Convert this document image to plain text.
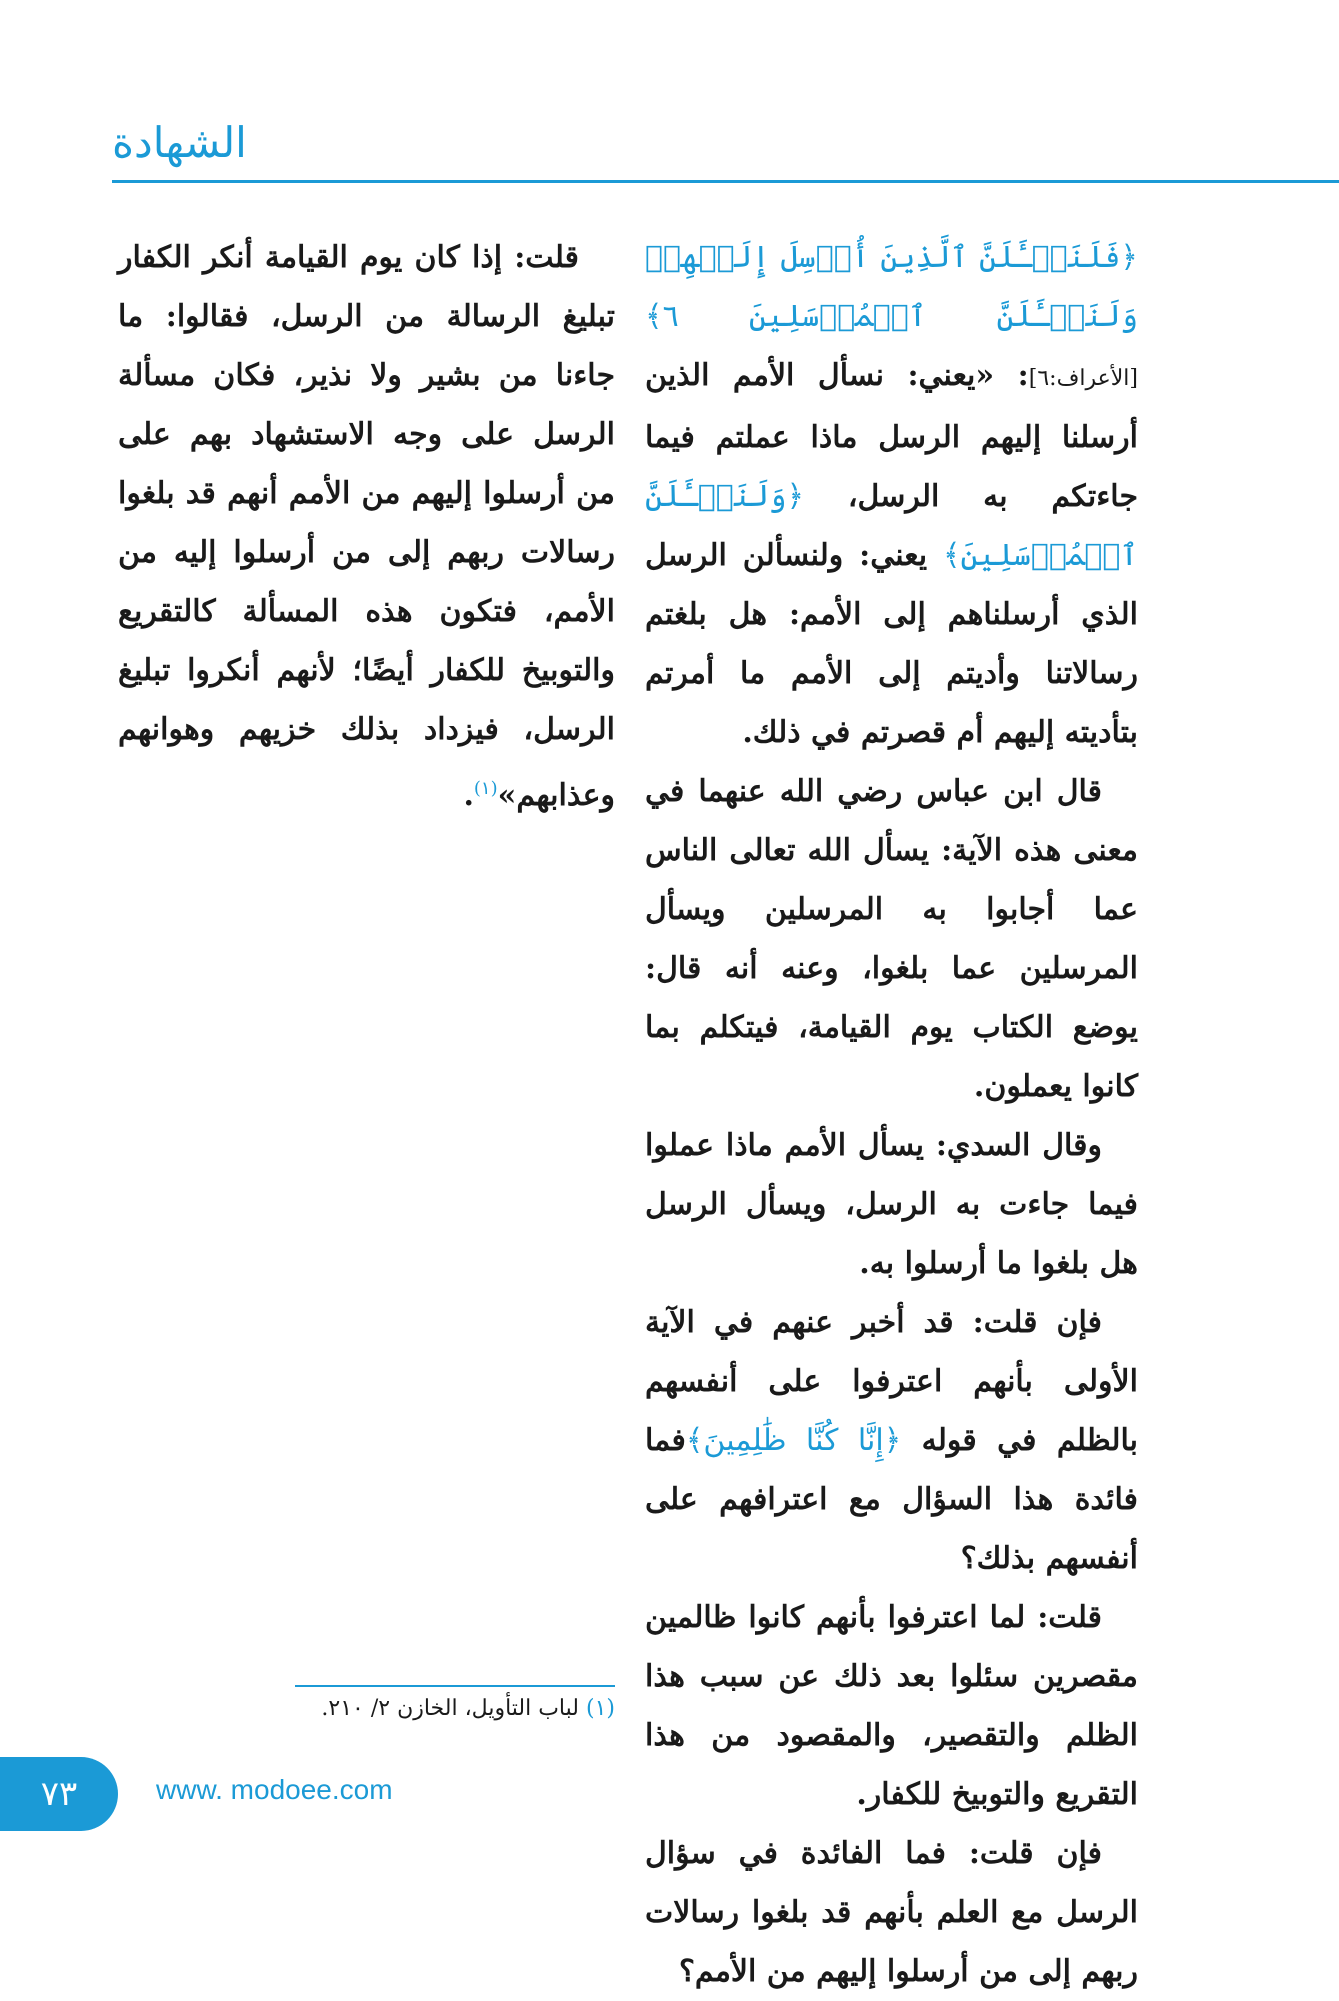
الشهادة

﴿فَلَنَسۡـَٔلَنَّ ٱلَّذِينَ أُرۡسِلَ إِلَيۡهِمۡ وَلَنَسۡـَٔلَنَّ ٱلۡمُرۡسَلِينَ ٦﴾ [الأعراف:٦]: «يعني: نسأل الأمم الذين أرسلنا إليهم الرسل ماذا عملتم فيما جاءتكم به الرسل، ﴿وَلَنَسۡـَٔلَنَّ ٱلۡمُرۡسَلِينَ﴾ يعني: ولنسألن الرسل الذي أرسلناهم إلى الأمم: هل بلغتم رسالاتنا وأديتم إلى الأمم ما أمرتم بتأديته إليهم أم قصرتم في ذلك.

قال ابن عباس رضي الله عنهما في معنى هذه الآية: يسأل الله تعالى الناس عما أجابوا به المرسلين ويسأل المرسلين عما بلغوا، وعنه أنه قال: يوضع الكتاب يوم القيامة، فيتكلم بما كانوا يعملون.

وقال السدي: يسأل الأمم ماذا عملوا فيما جاءت به الرسل، ويسأل الرسل هل بلغوا ما أرسلوا به.

فإن قلت: قد أخبر عنهم في الآية الأولى بأنهم اعترفوا على أنفسهم بالظلم في قوله ﴿إِنَّا كُنَّا ظَٰلِمِينَ﴾فما فائدة هذا السؤال مع اعترافهم على أنفسهم بذلك؟

قلت: لما اعترفوا بأنهم كانوا ظالمين مقصرين سئلوا بعد ذلك عن سبب هذا الظلم والتقصير، والمقصود من هذا التقريع والتوبيخ للكفار.

فإن قلت: فما الفائدة في سؤال الرسل مع العلم بأنهم قد بلغوا رسالات ربهم إلى من أرسلوا إليهم من الأمم؟

قلت: إذا كان يوم القيامة أنكر الكفار تبليغ الرسالة من الرسل، فقالوا: ما جاءنا من بشير ولا نذير، فكان مسألة الرسل على وجه الاستشهاد بهم على من أرسلوا إليهم من الأمم أنهم قد بلغوا رسالات ربهم إلى من أرسلوا إليه من الأمم، فتكون هذه المسألة كالتقريع والتوبيخ للكفار أيضًا؛ لأنهم أنكروا تبليغ الرسل، فيزداد بذلك خزيهم وهوانهم وعذابهم»$^{(١)}$.

(١) لباب التأويل، الخازن ٢/ ٢١٠.
٧٣	www. modoee.com
